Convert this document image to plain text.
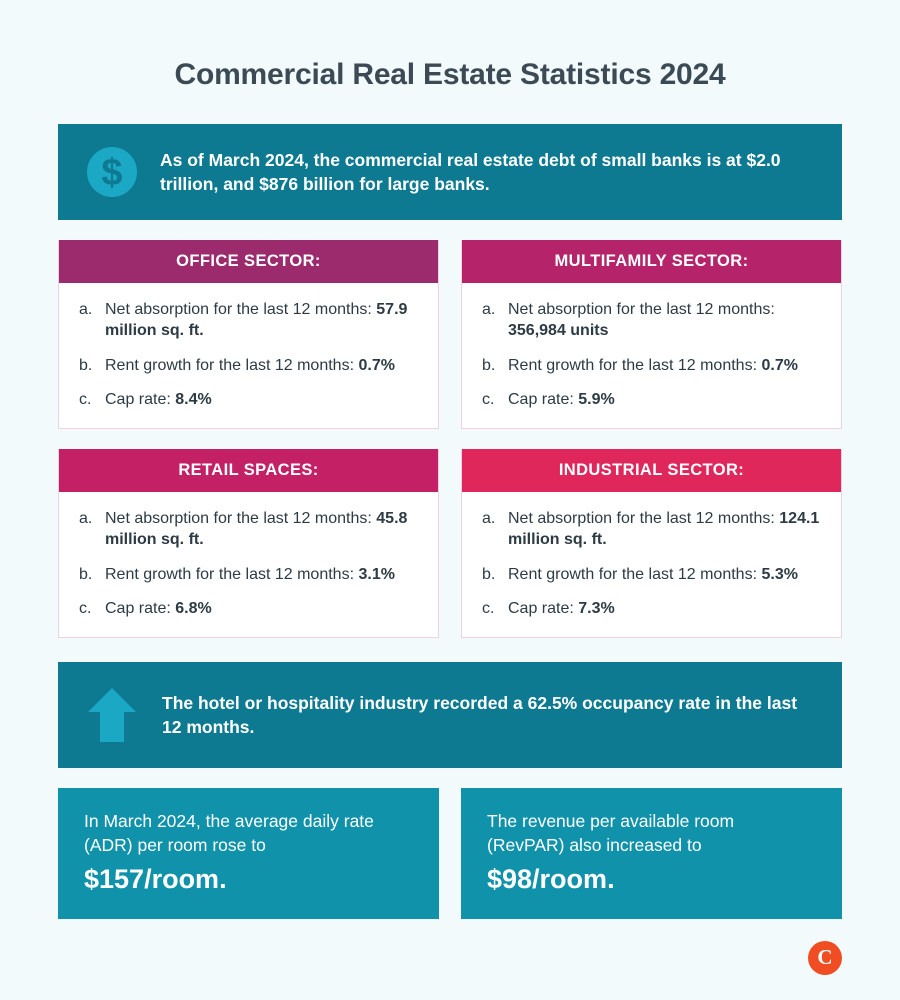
Commercial Real Estate Statistics 2024
$ As of March 2024, the commercial real estate debt of small banks is at $2.0 trillion, and $876 billion for large banks.
OFFICE SECTOR:
a. Net absorption for the last 12 months: 57.9 million sq. ft.
b. Rent growth for the last 12 months: 0.7%
c. Cap rate: 8.4%
MULTIFAMILY SECTOR:
a. Net absorption for the last 12 months: 356,984 units
b. Rent growth for the last 12 months: 0.7%
c. Cap rate: 5.9%
RETAIL SPACES:
a. Net absorption for the last 12 months: 45.8 million sq. ft.
b. Rent growth for the last 12 months: 3.1%
c. Cap rate: 6.8%
INDUSTRIAL SECTOR:
a. Net absorption for the last 12 months: 124.1 million sq. ft.
b. Rent growth for the last 12 months: 5.3%
c. Cap rate: 7.3%
The hotel or hospitality industry recorded a 62.5% occupancy rate in the last 12 months.
In March 2024, the average daily rate (ADR) per room rose to
$157/room.
The revenue per available room (RevPAR) also increased to
$98/room.
C
